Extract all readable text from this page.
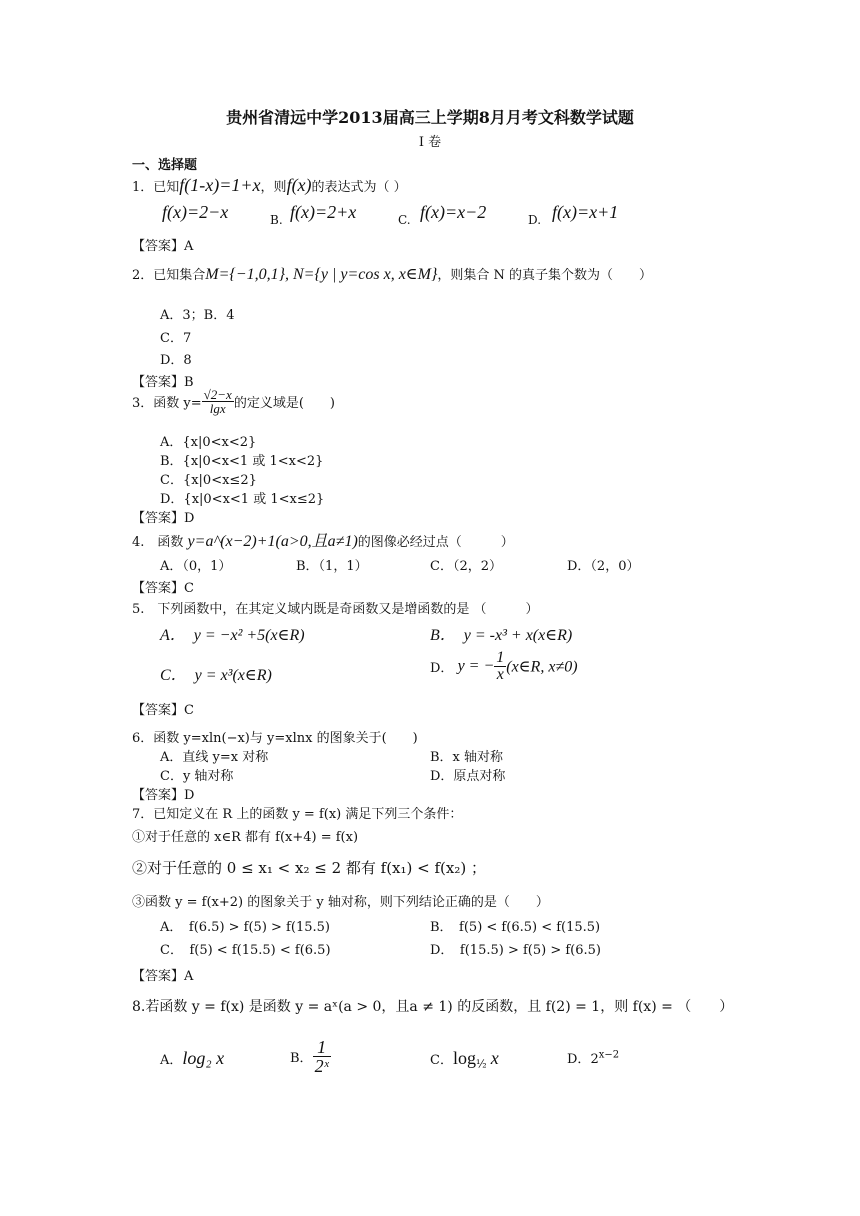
贵州省清远中学2013届高三上学期8月月考文科数学试题
I 卷
一、选择题
1．已知f(1-x)=1+x，则f(x)的表达式为（ ）
f(x)=2−x	B. f(x)=2+x	C. f(x)=x−2	D. f(x)=x+1
【答案】A
2．已知集合M={−1,0,1}, N={y | y=cos x, x∈M}，则集合 N 的真子集个数为（　　）
A．3；B．4
C．7
D．8
【答案】B
3．函数 $y= \frac{√2-x}{\lg x}$ 的定义域是(　　)
A．{x|0<x<2}
B．{x|0<x<1 或 1<x<2}
C．{x|0<x≤2}
D．{x|0<x<1 或 1<x≤2}
【答案】D
4.　函数 y=a^(x−2)+1(a>0,且a≠1)的图像必经过点（　　　）
A．（0，1）	B．（1，1）	C．（2，2）	D．（2，0）
【答案】C
5.　下列函数中，在其定义域内既是奇函数又是增函数的是 （　　　）
A．　y = −x² +5(x∈R)	B．　y = -x³ + x(x∈R)
C．　y = x³(x∈R)	D． y = − $\frac{1}{x}$ (x∈R, x≠0)
【答案】C
6．函数 y=xln(−x)与 y=xlnx 的图象关于(　　)
A．直线 y=x 对称	B．x 轴对称
C．y 轴对称	D．原点对称
【答案】D
7．已知定义在 R 上的函数 y = f(x) 满足下列三个条件：
①对于任意的 x∈R 都有 f(x+4) = f(x)
②对于任意的 0 ≤ x₁ < x₂ ≤ 2 都有 f(x₁) < f(x₂) ；
③函数 y = f(x+2) 的图象关于 y 轴对称，则下列结论正确的是（　　）
A．　f(6.5) > f(5) > f(15.5)	B．　f(5) < f(6.5) < f(15.5)
C．　f(5) < f(15.5) < f(6.5)	D．　f(15.5) > f(5) > f(6.5)
【答案】A
8.若函数 y = f(x) 是函数 y = aˣ(a > 0，且a ≠ 1) 的反函数，且 f(2) = 1，则 f(x) = （　　）
A．log₂ x	B． $\frac{1}{\text{2ˣ}}$	C．$\log_{\frac{1}{2}} x$	D．$2^{x-2}$
